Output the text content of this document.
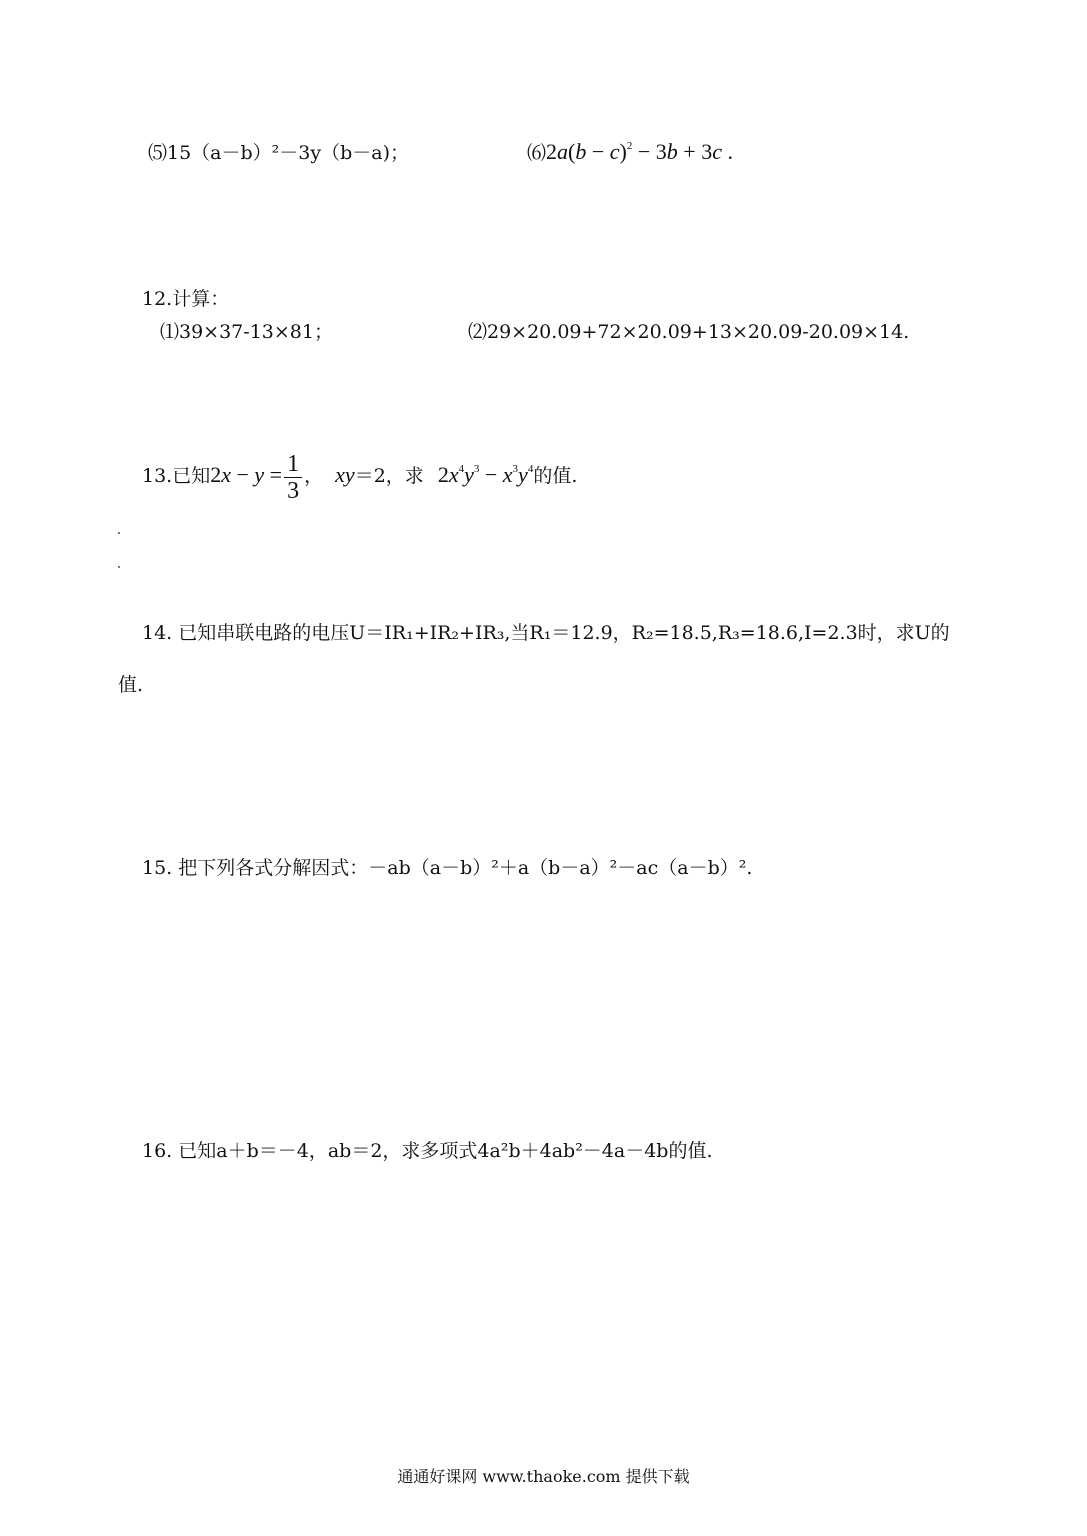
⑸15（a－b）²－3y（b－a)；	⑹2a(b − c)$^2$ − 3b + 3c .
12.计算：
⑴39×37-13×81；	⑵29×20.09+72×20.09+13×20.09-20.09×14.
13.已知$2x - y = \frac{1}{3}$ ， xy＝2，求 $2x^4y^3 - x^3y^4$的值.
14. 已知串联电路的电压U＝IR₁+IR₂+IR₃,当R₁＝12.9，R₂=18.5,R₃=18.6,I=2.3时，求U的
值.
15. 把下列各式分解因式：－ab（a－b）²＋a（b－a）²－ac（a－b）².
16. 已知a＋b＝－4，ab＝2，求多项式4a²b＋4ab²－4a－4b的值.
通通好课网 www.thaoke.com 提供下载
